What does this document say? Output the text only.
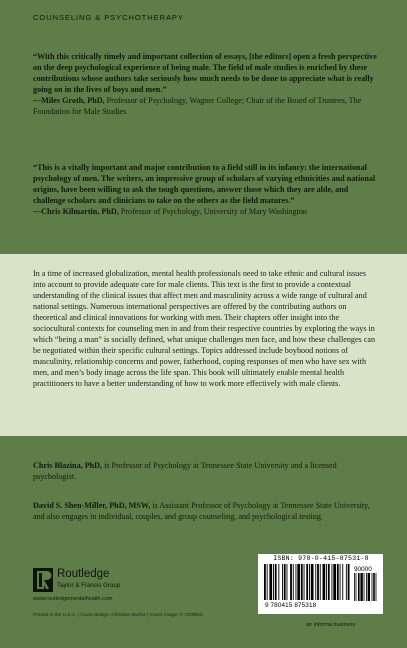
COUNSELING & PSYCHOTHERAPY
“With this critically timely and important collection of essays, [the editors] open a fresh perspective on the deep psychological experience of being male. The field of male studies is enriched by these contributions whose authors take seriously how much needs to be done to appreciate what is really going on in the lives of boys and men.”
—Miles Groth, PhD, Professor of Psychology, Wagner College; Chair of the Board of Trustees, The Foundation for Male Studies
“This is a vitally important and major contribution to a field still in its infancy: the international psychology of men. The writers, an impressive group of scholars of varying ethnicities and national origins, have been willing to ask the tough questions, answer those which they are able, and challenge scholars and clinicians to take on the others as the field matures.”
—Chris Kilmartin, PhD, Professor of Psychology, University of Mary Washington
In a time of increased globalization, mental health professionals need to take ethnic and cultural issues into account to provide adequate care for male clients. This text is the first to provide a contextual understanding of the clinical issues that affect men and masculinity across a wide range of cultural and national settings. Numerous international perspectives are offered by the contributing authors on theoretical and clinical innovations for working with men. Their chapters offer insight into the sociocultural contexts for counseling men in and from their respective countries by exploring the ways in which “being a man” is socially defined, what unique challenges men face, and how these challenges can be negotiated within their specific cultural settings. Topics addressed include boyhood notions of masculinity, relationship concerns and power, fatherhood, coping responses of men who have sex with men, and men’s body image across the life span. This book will ultimately enable mental health practitioners to have a better understanding of how to work more effectively with male clients.
Chris Blazina, PhD, is Professor of Psychology at Tennessee State University and a licensed psychologist.
David S. Shen-Miller, PhD, MSW, is Assistant Professor of Psychology at Tennessee State University, and also engages in individual, couples, and group counseling, and psychological testing.
Routledge
Taylor & Francis Group
www.routledgementalhealth.com
Printed in the U.S.A. | Cover design: Christian Muñoz | Cover image: © CORBIS
ISBN: 978-0-415-87531-8
9 780415 875318
90000
an informa business
